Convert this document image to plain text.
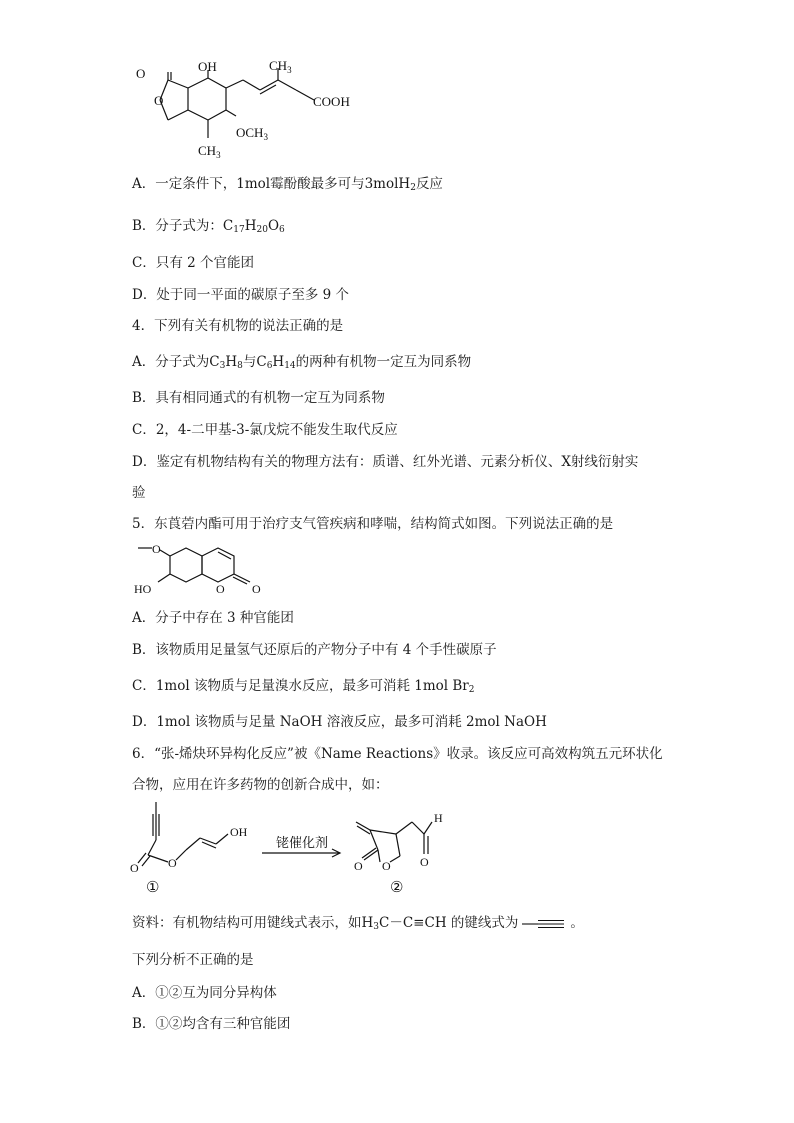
O
O
OH	$CH_3$
COOH
$OCH_3$
$CH_3$
A．一定条件下，1mol霉酚酸最多可与3molH$_2$反应
B．分子式为：$C_{17}H_{20}O_6$
C．只有 2 个官能团
D．处于同一平面的碳原子至多 9 个
4．下列有关有机物的说法正确的是
A．分子式为$C_3H_8$与$C_6H_{14}$的两种有机物一定互为同系物
B．具有相同通式的有机物一定互为同系物
C．2，4-二甲基-3-氯戊烷不能发生取代反应
D．鉴定有机物结构有关的物理方法有：质谱、红外光谱、元素分析仪、X射线衍射实
验
5．东莨菪内酯可用于治疗支气管疾病和哮喘，结构简式如图。下列说法正确的是
O
HO	O O
A．分子中存在 3 种官能团
B．该物质用足量氢气还原后的产物分子中有 4 个手性碳原子
C．1mol 该物质与足量溴水反应，最多可消耗 1mol $Br_2$
D．1mol 该物质与足量 NaOH 溶液反应，最多可消耗 2mol NaOH
6．“张-烯炔环异构化反应”被《Name Reactions》收录。该反应可高效构筑五元环状化
合物，应用在许多药物的创新合成中，如：
O O
OH
①
铑催化剂
O O
H
O
②
资料：有机物结构可用键线式表示，如$H_3C-C\equiv CH$ 的键线式为	。
下列分析不正确的是
A．①②互为同分异构体
B．①②均含有三种官能团
